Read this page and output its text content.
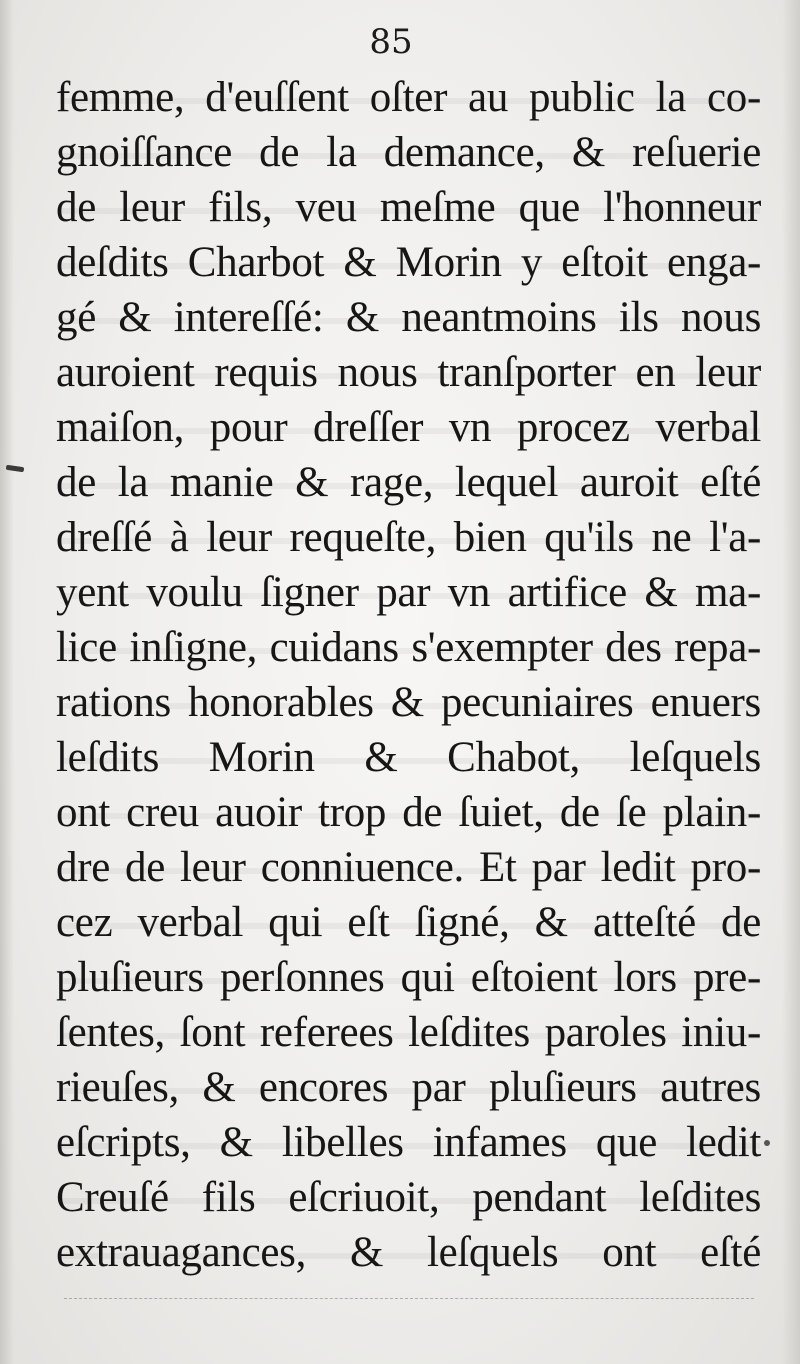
85
femme, d'euſſent oſter au public la co-
gnoiſſance de la demance, & reſuerie
de leur fils, veu meſme que l'honneur
deſdits Charbot & Morin y eſtoit enga-
gé & intereſſé: & neantmoins ils nous
auroient requis nous tranſporter en leur
maiſon, pour dreſſer vn procez verbal
de la manie & rage, lequel auroit eſté
dreſſé à leur requeſte, bien qu'ils ne l'a-
yent voulu ſigner par vn artifice & ma-
lice inſigne, cuidans s'exempter des repa-
rations honorables & pecuniaires enuers
leſdits Morin & Chabot, leſquels
ont creu auoir trop de ſuiet, de ſe plain-
dre de leur conniuence. Et par ledit pro-
cez verbal qui eſt ſigné, & atteſté de
pluſieurs perſonnes qui eſtoient lors pre-
ſentes, ſont referees leſdites paroles iniu-
rieuſes, & encores par pluſieurs autres
eſcripts, & libelles infames que ledit
Creuſé fils eſcriuoit, pendant leſdites
extrauagances, & leſquels ont eſté
